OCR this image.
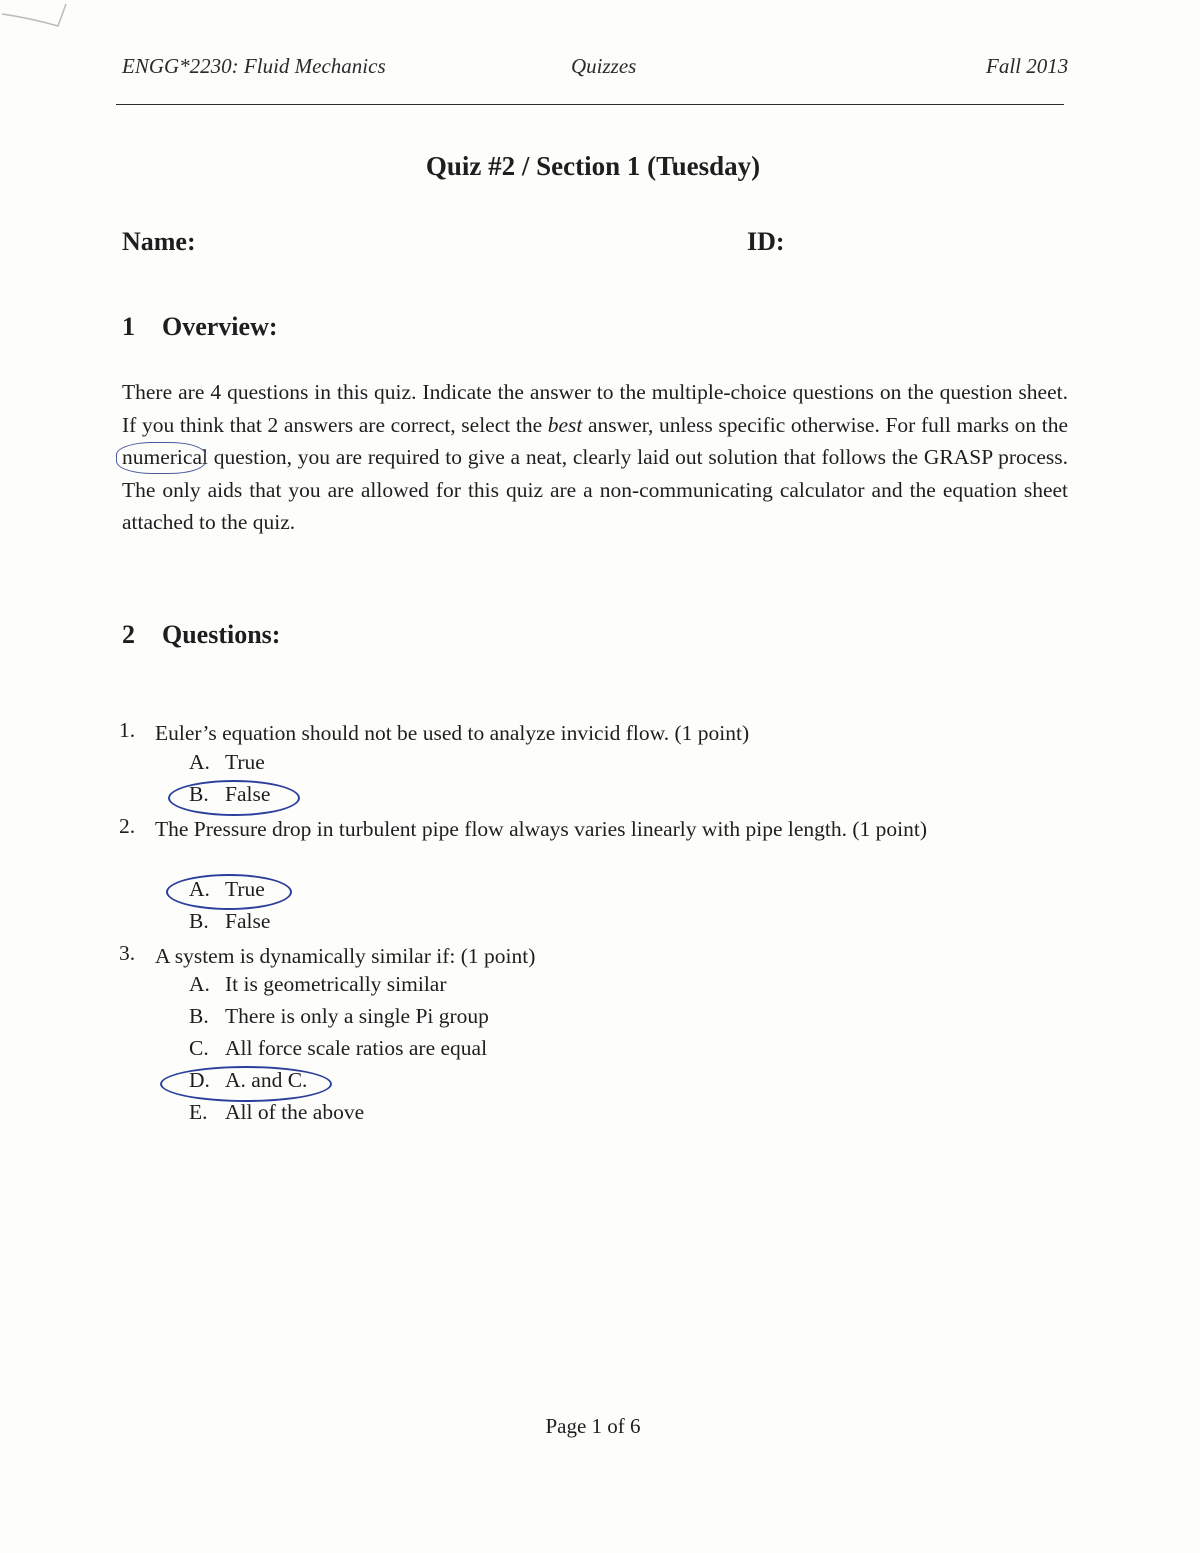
ENGG*2230: Fluid Mechanics	Quizzes	Fall 2013
Quiz #2 / Section 1 (Tuesday)
Name:	ID:
1 Overview:
There are 4 questions in this quiz. Indicate the answer to the multiple-choice questions on the question sheet. If you think that 2 answers are correct, select the best answer, unless specific otherwise. For full marks on the numerical question, you are required to give a neat, clearly laid out solution that follows the GRASP process. The only aids that you are allowed for this quiz are a non-communicating calculator and the equation sheet attached to the quiz.
2 Questions:
1. Euler’s equation should not be used to analyze invicid flow. (1 point)
A. True
B. False
2. The Pressure drop in turbulent pipe flow always varies linearly with pipe length. (1 point)
A. True
B. False
3. A system is dynamically similar if: (1 point)
A. It is geometrically similar
B. There is only a single Pi group
C. All force scale ratios are equal
D. A. and C.
E. All of the above
Page 1 of 6
